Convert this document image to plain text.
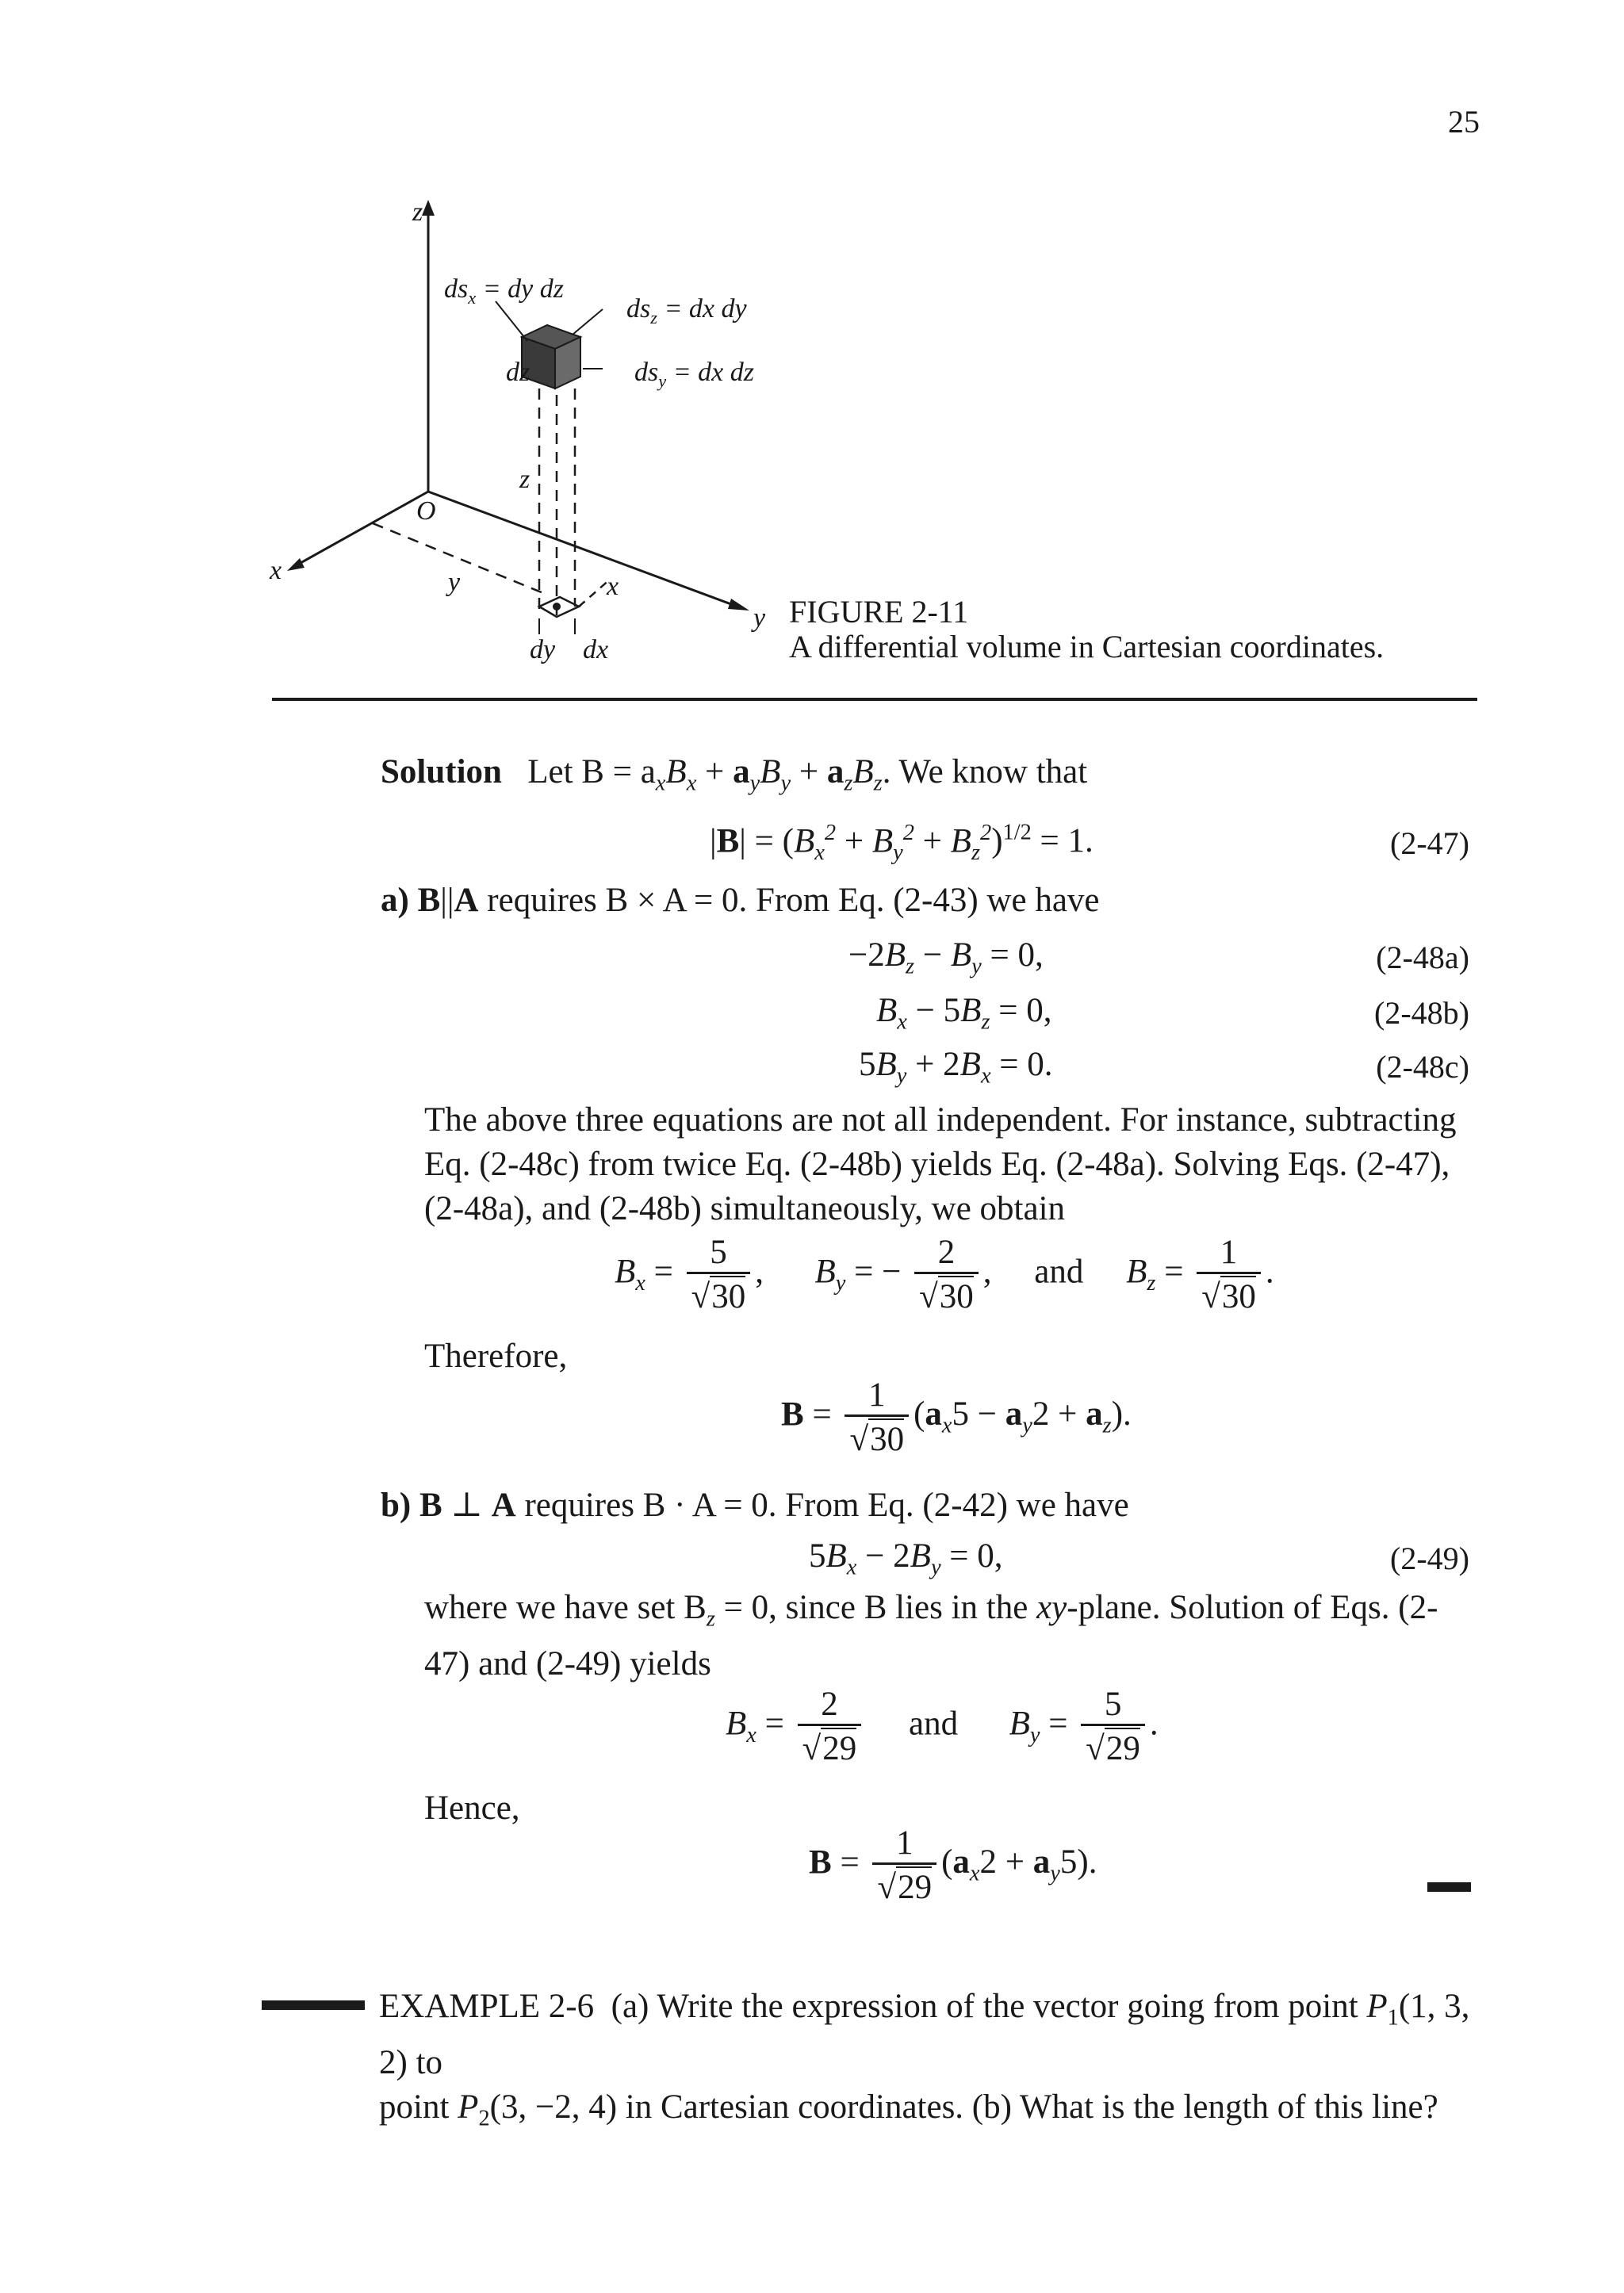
25
z
x
y
O
$ds_x$ = dy dz
$ds_z$ = dx dy
$ds_y$ = dx dz
dz
z
y	x
dy dx
FIGURE 2-11
A differential volume in Cartesian coordinates.
Solution Let $B = a_xB_x + a_yB_y + a_zB_z$. We know that
$|B| = (B_x^2 + B_y^2 + B_z^2)^{1/2} = 1$.	(2-47)
a) B||A requires B × A = 0. From Eq. (2-43) we have
$-2B_z - B_y = 0$,	(2-48a)
$B_x - 5B_z = 0$,	(2-48b)
$5B_y + 2B_x = 0$.	(2-48c)
The above three equations are not all independent. For instance, subtracting Eq. (2-48c) from twice Eq. (2-48b) yields Eq. (2-48a). Solving Eqs. (2-47), (2-48a), and (2-48b) simultaneously, we obtain
$B_x = \frac{5}{√30}$ ,      $B_y$ = − $\frac{2}{√30}$ , and     $B_z = \frac{1}{√30}$ .
Therefore,
$B = \frac{1}{√30} (a_x5 - a_y2 + a_z)$.
b) B ⊥ A requires B · A = 0. From Eq. (2-42) we have
$5B_x - 2B_y = 0$,	(2-49)
where we have set $B_z = 0$, since B lies in the xy-plane. Solution of Eqs. (2-47) and (2-49) yields
$B_x = \frac{2}{√29}$ and      $B_y = \frac{5}{√29}$ .
Hence,
$B = \frac{1}{√29} (a_x2 + a_y5)$.
EXAMPLE 2-6 (a) Write the expression of the vector going from point $P_1(1$, 3, 2) to
point $P_2(3$, −2, 4) in Cartesian coordinates. (b) What is the length of this line?
